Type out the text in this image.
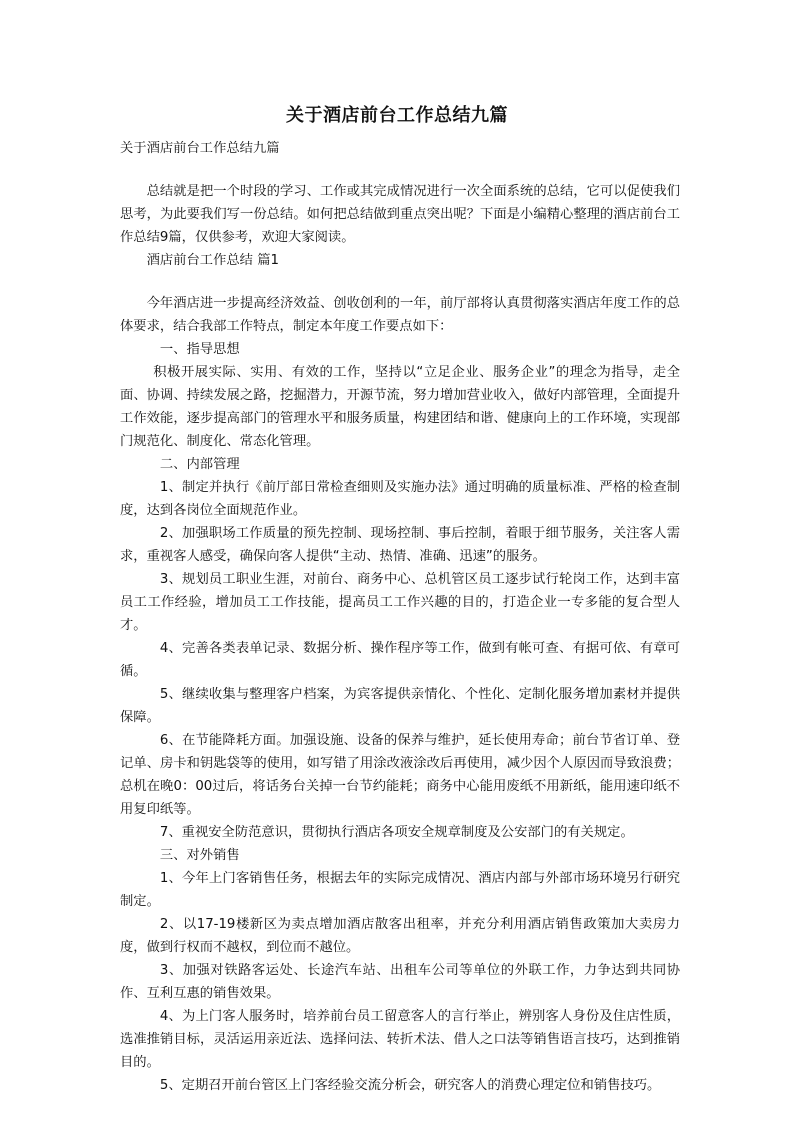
关于酒店前台工作总结九篇
关于酒店前台工作总结九篇

总结就是把一个时段的学习、工作或其完成情况进行一次全面系统的总结，它可以促使我们思考，为此要我们写一份总结。如何把总结做到重点突出呢？下面是小编精心整理的酒店前台工作总结9篇，仅供参考，欢迎大家阅读。

酒店前台工作总结 篇1

今年酒店进一步提高经济效益、创收创利的一年，前厅部将认真贯彻落实酒店年度工作的总体要求，结合我部工作特点，制定本年度工作要点如下：

一、指导思想

积极开展实际、实用、有效的工作，坚持以“立足企业、服务企业”的理念为指导，走全面、协调、持续发展之路，挖掘潜力，开源节流，努力增加营业收入，做好内部管理，全面提升工作效能，逐步提高部门的管理水平和服务质量，构建团结和谐、健康向上的工作环境，实现部门规范化、制度化、常态化管理。

二、内部管理

1、制定并执行《前厅部日常检查细则及实施办法》通过明确的质量标准、严格的检查制度，达到各岗位全面规范作业。

2、加强职场工作质量的预先控制、现场控制、事后控制，着眼于细节服务，关注客人需求，重视客人感受，确保向客人提供“主动、热情、准确、迅速”的服务。

3、规划员工职业生涯，对前台、商务中心、总机管区员工逐步试行轮岗工作，达到丰富员工工作经验，增加员工工作技能，提高员工工作兴趣的目的，打造企业一专多能的复合型人才。

4、完善各类表单记录、数据分析、操作程序等工作，做到有帐可查、有据可依、有章可循。

5、继续收集与整理客户档案，为宾客提供亲情化、个性化、定制化服务增加素材并提供保障。

6、在节能降耗方面。加强设施、设备的保养与维护，延长使用寿命；前台节省订单、登记单、房卡和钥匙袋等的使用，如写错了用涂改液涂改后再使用，减少因个人原因而导致浪费；总机在晚0：00过后，将话务台关掉一台节约能耗；商务中心能用废纸不用新纸，能用速印纸不用复印纸等。

7、重视安全防范意识，贯彻执行酒店各项安全规章制度及公安部门的有关规定。

三、对外销售

1、今年上门客销售任务，根据去年的实际完成情况、酒店内部与外部市场环境另行研究制定。

2、以17-19楼新区为卖点增加酒店散客出租率，并充分利用酒店销售政策加大卖房力度，做到行权而不越权，到位而不越位。

3、加强对铁路客运处、长途汽车站、出租车公司等单位的外联工作，力争达到共同协作、互利互惠的销售效果。

4、为上门客人服务时，培养前台员工留意客人的言行举止，辨别客人身份及住店性质，选准推销目标，灵活运用亲近法、选择问法、转折术法、借人之口法等销售语言技巧，达到推销目的。

5、定期召开前台管区上门客经验交流分析会，研究客人的消费心理定位和销售技巧。
